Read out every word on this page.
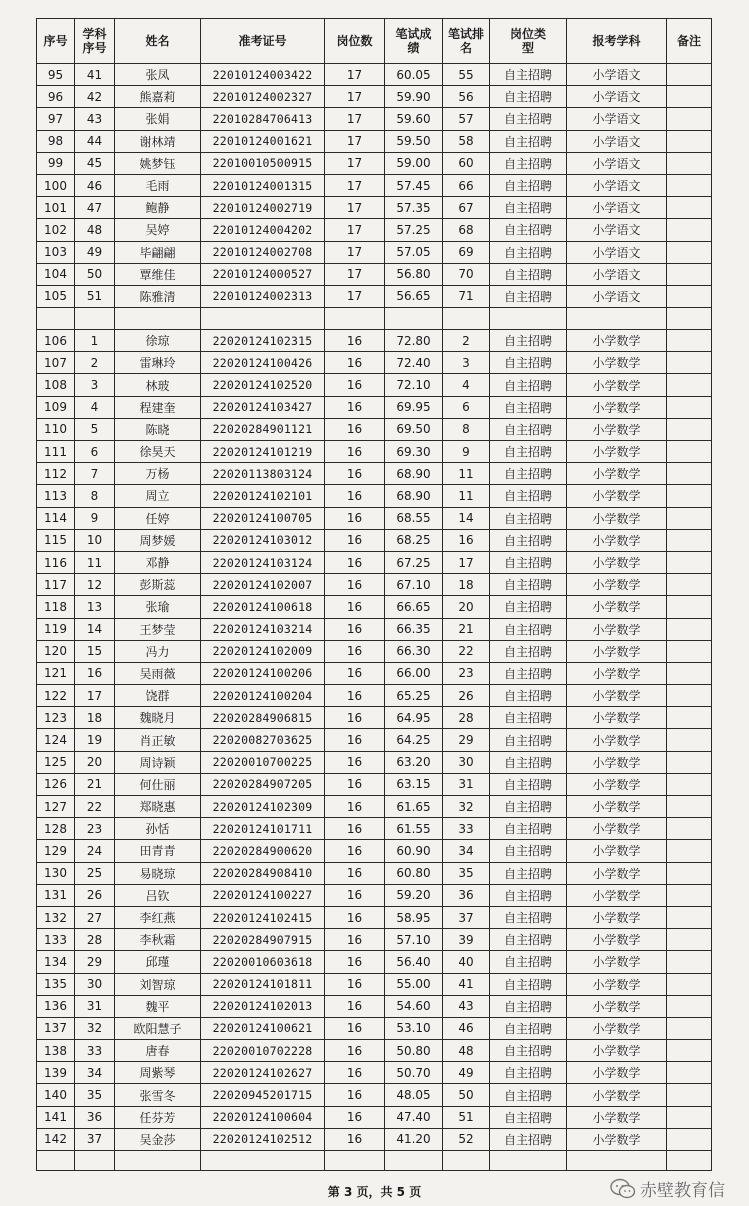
序号	学科序号	姓名	准考证号	岗位数	笔试成绩	笔试排名	岗位类型	报考学科	备注
95	41	张凤	22010124003422	17	60.05	55	自主招聘	小学语文	
96	42	熊嘉莉	22010124002327	17	59.90	56	自主招聘	小学语文	
97	43	张娟	22010284706413	17	59.60	57	自主招聘	小学语文	
98	44	谢林靖	22010124001621	17	59.50	58	自主招聘	小学语文	
99	45	姚梦钰	22010010500915	17	59.00	60	自主招聘	小学语文	
100	46	毛雨	22010124001315	17	57.45	66	自主招聘	小学语文	
101	47	鲍静	22010124002719	17	57.35	67	自主招聘	小学语文	
102	48	吴婷	22010124004202	17	57.25	68	自主招聘	小学语文	
103	49	毕翩翩	22010124002708	17	57.05	69	自主招聘	小学语文	
104	50	覃维佳	22010124000527	17	56.80	70	自主招聘	小学语文	
105	51	陈雅清	22010124002313	17	56.65	71	自主招聘	小学语文	

106	1	徐琼	22020124102315	16	72.80	2	自主招聘	小学数学	
107	2	雷琳玲	22020124100426	16	72.40	3	自主招聘	小学数学	
108	3	林玻	22020124102520	16	72.10	4	自主招聘	小学数学	
109	4	程建奎	22020124103427	16	69.95	6	自主招聘	小学数学	
110	5	陈晓	22020284901121	16	69.50	8	自主招聘	小学数学	
111	6	徐昊天	22020124101219	16	69.30	9	自主招聘	小学数学	
112	7	万杨	22020113803124	16	68.90	11	自主招聘	小学数学	
113	8	周立	22020124102101	16	68.90	11	自主招聘	小学数学	
114	9	任婷	22020124100705	16	68.55	14	自主招聘	小学数学	
115	10	周梦媛	22020124103012	16	68.25	16	自主招聘	小学数学	
116	11	邓静	22020124103124	16	67.25	17	自主招聘	小学数学	
117	12	彭斯蕊	22020124102007	16	67.10	18	自主招聘	小学数学	
118	13	张瑜	22020124100618	16	66.65	20	自主招聘	小学数学	
119	14	王梦莹	22020124103214	16	66.35	21	自主招聘	小学数学	
120	15	冯力	22020124102009	16	66.30	22	自主招聘	小学数学	
121	16	吴雨薇	22020124100206	16	66.00	23	自主招聘	小学数学	
122	17	饶群	22020124100204	16	65.25	26	自主招聘	小学数学	
123	18	魏晓月	22020284906815	16	64.95	28	自主招聘	小学数学	
124	19	肖正敏	22020082703625	16	64.25	29	自主招聘	小学数学	
125	20	周诗颖	22020010700225	16	63.20	30	自主招聘	小学数学	
126	21	何仕丽	22020284907205	16	63.15	31	自主招聘	小学数学	
127	22	郑晓惠	22020124102309	16	61.65	32	自主招聘	小学数学	
128	23	孙恬	22020124101711	16	61.55	33	自主招聘	小学数学	
129	24	田青青	22020284900620	16	60.90	34	自主招聘	小学数学	
130	25	易晓琼	22020284908410	16	60.80	35	自主招聘	小学数学	
131	26	吕钦	22020124100227	16	59.20	36	自主招聘	小学数学	
132	27	李红燕	22020124102415	16	58.95	37	自主招聘	小学数学	
133	28	李秋霜	22020284907915	16	57.10	39	自主招聘	小学数学	
134	29	邱瑾	22020010603618	16	56.40	40	自主招聘	小学数学	
135	30	刘智琼	22020124101811	16	55.00	41	自主招聘	小学数学	
136	31	魏平	22020124102013	16	54.60	43	自主招聘	小学数学	
137	32	欧阳慧子	22020124100621	16	53.10	46	自主招聘	小学数学	
138	33	唐春	22020010702228	16	50.80	48	自主招聘	小学数学	
139	34	周紫琴	22020124102627	16	50.70	49	自主招聘	小学数学	
140	35	张雪冬	22020945201715	16	48.05	50	自主招聘	小学数学	
141	36	任芬芳	22020124100604	16	47.40	51	自主招聘	小学数学	
142	37	吴金莎	22020124102512	16	41.20	52	自主招聘	小学数学	

第 3 页，共 5 页	赤壁教育信
